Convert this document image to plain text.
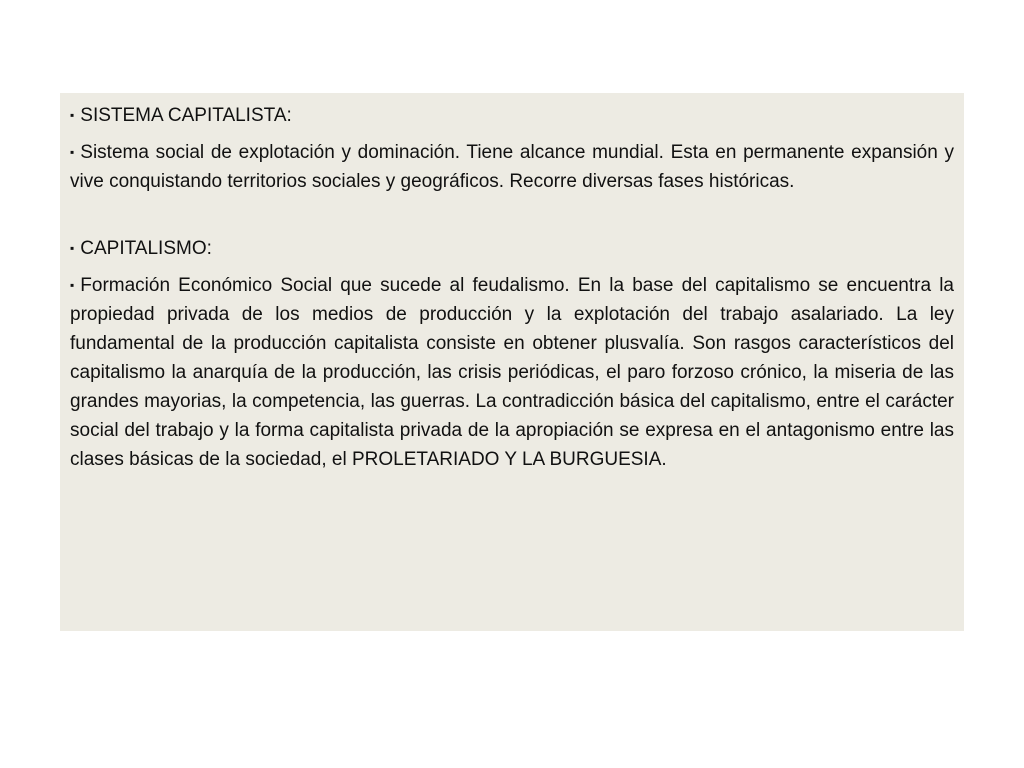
▪ SISTEMA CAPITALISTA:

▪ Sistema social de explotación y dominación. Tiene alcance mundial. Esta en permanente expansión y vive conquistando territorios sociales y geográficos. Recorre diversas fases históricas.

▪ CAPITALISMO:

▪ Formación Económico Social que sucede al feudalismo. En la base del capitalismo se encuentra la propiedad privada de los medios de producción y la explotación del trabajo asalariado. La ley fundamental de la producción capitalista consiste en obtener plusvalía. Son rasgos característicos del capitalismo la anarquía de la producción, las crisis periódicas, el paro forzoso crónico, la miseria de las grandes mayorias, la competencia, las guerras. La contradicción básica del capitalismo, entre el carácter social del trabajo y la forma capitalista privada de la apropiación se expresa en el antagonismo entre las clases básicas de la sociedad, el PROLETARIADO Y LA BURGUESIA.
